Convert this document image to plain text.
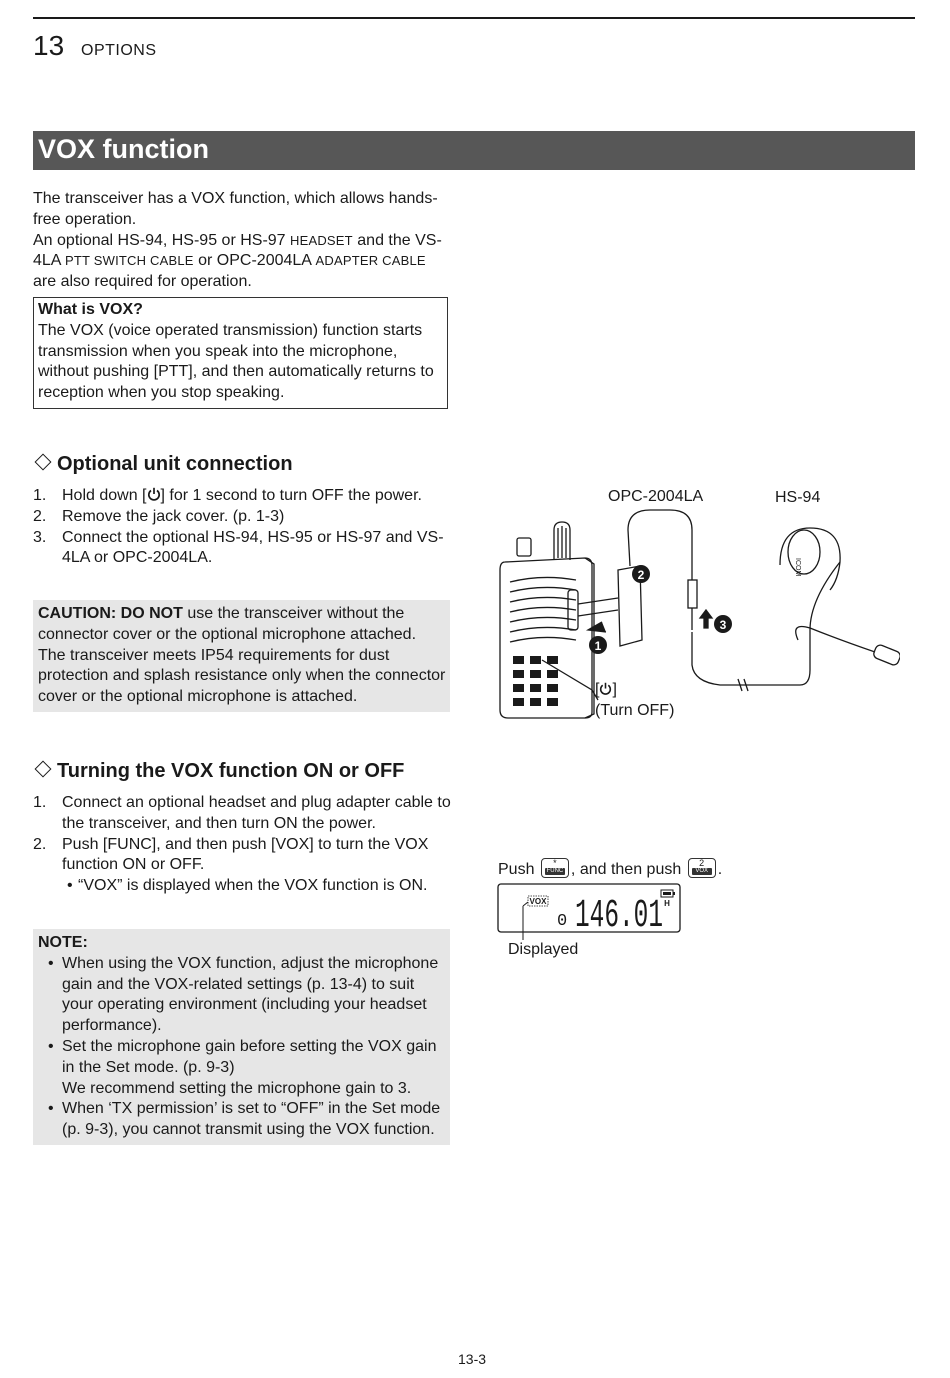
13 OPTIONS
VOX function
The transceiver has a VOX function, which allows hands-free operation.
An optional HS-94, HS-95 or HS-97 HEADSET and the VS-4LA PTT SWITCH CABLE or OPC-2004LA ADAPTER CABLE are also required for operation.
What is VOX?
The VOX (voice operated transmission) function starts transmission when you speak into the microphone, without pushing [PTT], and then automatically returns to reception when you stop speaking.
Optional unit connection
1. Hold down [ ] for 1 second to turn OFF the power.
2. Remove the jack cover. (p. 1-3)
3. Connect the optional HS-94, HS-95 or HS-97 and VS-4LA or OPC-2004LA.
CAUTION: DO NOT use the transceiver without the connector cover or the optional microphone attached. The transceiver meets IP54 requirements for dust protection and splash resistance only when the connector cover or the optional microphone is attached.
ICOM
2
1
3
OPC-2004LA	HS-94
[ ]
(Turn OFF)
Turning the VOX function ON or OFF
1. Connect an optional headset and plug adapter cable to the transceiver, and then turn ON the power.
2. Push [FUNC], and then push [VOX] to turn the VOX function ON or OFF.
• “VOX” is displayed when the VOX function is ON.
NOTE:
• When using the VOX function, adjust the microphone gain and the VOX-related settings (p. 13-4) to suit your operating environment (including your headset performance).
• Set the microphone gain before setting the VOX gain in the Set mode. (p. 9-3)
We recommend setting the microphone gain to 3.
• When ‘TX permission’ is set to “OFF” in the Set mode (p. 9-3), you cannot transmit using the VOX function.
Push	*
FUNC , and then push	2
VOX .
VOX
0 146.01 H
Displayed
13-3
